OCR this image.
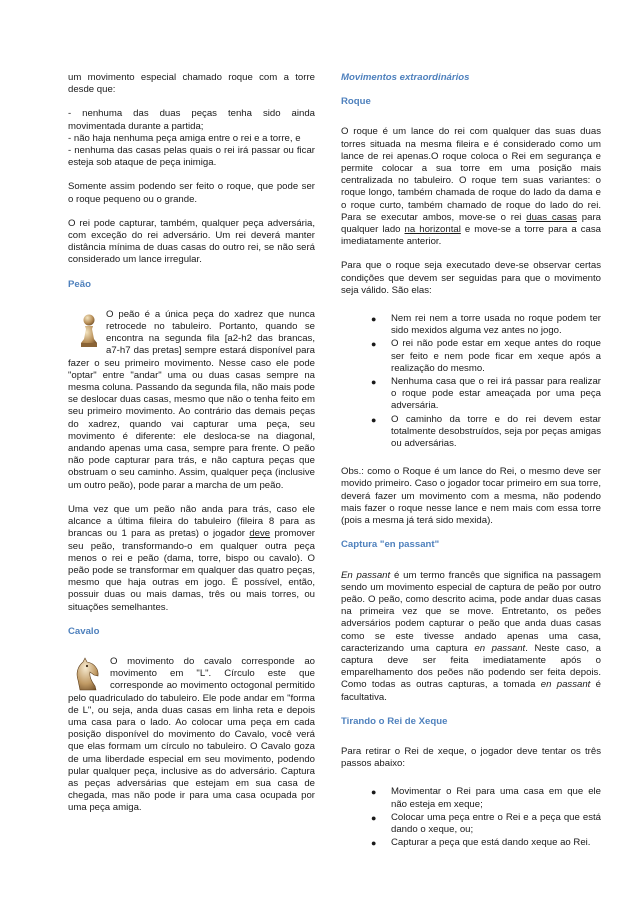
um movimento especial chamado roque com a torre desde que:

- nenhuma das duas peças tenha sido ainda movimentada durante a partida;
- não haja nenhuma peça amiga entre o rei e a torre, e
- nenhuma das casas pelas quais o rei irá passar ou ficar esteja sob ataque de peça inimiga.

Somente assim podendo ser feito o roque, que pode ser o roque pequeno ou o grande.

O rei pode capturar, também, qualquer peça adversária, com exceção do rei adversário. Um rei deverá manter distância mínima de duas casas do outro rei, se não será considerado um lance irregular.

Peão

O peão é a única peça do xadrez que nunca retrocede no tabuleiro. Portanto, quando se encontra na segunda fila [a2-h2 das brancas, a7-h7 das pretas] sempre estará disponível para fazer o seu primeiro movimento. Nesse caso ele pode "optar" entre "andar" uma ou duas casas sempre na mesma coluna. Passando da segunda fila, não mais pode se deslocar duas casas, mesmo que não o tenha feito em seu primeiro movimento. Ao contrário das demais peças do xadrez, quando vai capturar uma peça, seu movimento é diferente: ele desloca-se na diagonal, andando apenas uma casa, sempre para frente. O peão não pode capturar para trás, e não captura peças que obstruam o seu caminho. Assim, qualquer peça (inclusive um outro peão), pode parar a marcha de um peão.

Uma vez que um peão não anda para trás, caso ele alcance a última fileira do tabuleiro (fileira 8 para as brancas ou 1 para as pretas) o jogador deve promover seu peão, transformando-o em qualquer outra peça menos o rei e peão (dama, torre, bispo ou cavalo). O peão pode se transformar em qualquer das quatro peças, mesmo que haja outras em jogo. É possível, então, possuir duas ou mais damas, três ou mais torres, ou situações semelhantes.

Cavalo

O movimento do cavalo corresponde ao movimento em "L". Círculo este que corresponde ao movimento octogonal permitido pelo quadriculado do tabuleiro. Ele pode andar em "forma de L", ou seja, anda duas casas em linha reta e depois uma casa para o lado. Ao colocar uma peça em cada posição disponível do movimento do Cavalo, você verá que elas formam um círculo no tabuleiro. O Cavalo goza de uma liberdade especial em seu movimento, podendo pular qualquer peça, inclusive as do adversário. Captura as peças adversárias que estejam em sua casa de chegada, mas não pode ir para uma casa ocupada por uma peça amiga.

Movimentos extraordinários
Roque

O roque é um lance do rei com qualquer das suas duas torres situada na mesma fileira e é considerado como um lance de rei apenas.O roque coloca o Rei em segurança e permite colocar a sua torre em uma posição mais centralizada no tabuleiro. O roque tem suas variantes: o roque longo, também chamada de roque do lado da dama e o roque curto, também chamado de roque do lado do rei. Para se executar ambos, move-se o rei duas casas para qualquer lado na horizontal e move-se a torre para a casa imediatamente anterior.

Para que o roque seja executado deve-se observar certas condições que devem ser seguidas para que o movimento seja válido. São elas:

● Nem rei nem a torre usada no roque podem ter sido mexidos alguma vez antes no jogo.
● O rei não pode estar em xeque antes do roque ser feito e nem pode ficar em xeque após a realização do mesmo.
● Nenhuma casa que o rei irá passar para realizar o roque pode estar ameaçada por uma peça adversária.
● O caminho da torre e do rei devem estar totalmente desobstruídos, seja por peças amigas ou adversárias.

Obs.: como o Roque é um lance do Rei, o mesmo deve ser movido primeiro. Caso o jogador tocar primeiro em sua torre, deverá fazer um movimento com a mesma, não podendo mais fazer o roque nesse lance e nem mais com essa torre (pois a mesma já terá sido mexida).

Captura "en passant"

En passant é um termo francês que significa na passagem sendo um movimento especial de captura de peão por outro peão. O peão, como descrito acima, pode andar duas casas na primeira vez que se move. Entretanto, os peões adversários podem capturar o peão que anda duas casas como se este tivesse andado apenas uma casa, caracterizando uma captura en passant. Neste caso, a captura deve ser feita imediatamente após o emparelhamento dos peões não podendo ser feita depois. Como todas as outras capturas, a tomada en passant é facultativa.

Tirando o Rei de Xeque

Para retirar o Rei de xeque, o jogador deve tentar os três passos abaixo:

● Movimentar o Rei para uma casa em que ele não esteja em xeque;
● Colocar uma peça entre o Rei e a peça que está dando o xeque, ou;
● Capturar a peça que está dando xeque ao Rei.
